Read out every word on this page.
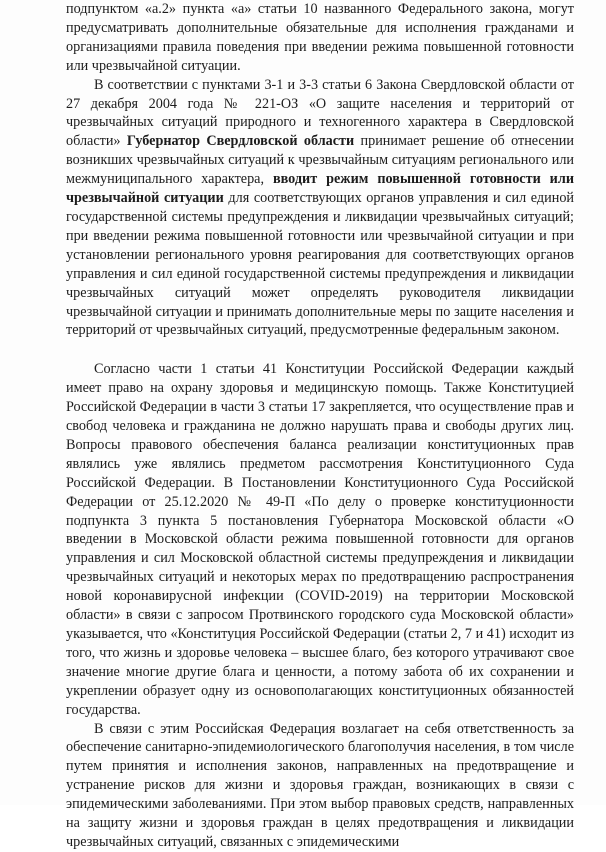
подпунктом «а.2» пункта «а» статьи 10 названного Федерального закона, могут предусматривать дополнительные обязательные для исполнения гражданами и организациями правила поведения при введении режима повышенной готовности или чрезвычайной ситуации.

В соответствии с пунктами 3-1 и 3-3 статьи 6 Закона Свердловской области от 27 декабря 2004 года № 221-ОЗ «О защите населения и территорий от чрезвычайных ситуаций природного и техногенного характера в Свердловской области» Губернатор Свердловской области принимает решение об отнесении возникших чрезвычайных ситуаций к чрезвычайным ситуациям регионального или межмуниципального характера, вводит режим повышенной готовности или чрезвычайной ситуации для соответствующих органов управления и сил единой государственной системы предупреждения и ликвидации чрезвычайных ситуаций; при введении режима повышенной готовности или чрезвычайной ситуации и при установлении регионального уровня реагирования для соответствующих органов управления и сил единой государственной системы предупреждения и ликвидации чрезвычайных ситуаций может определять руководителя ликвидации чрезвычайной ситуации и принимать дополнительные меры по защите населения и территорий от чрезвычайных ситуаций, предусмотренные федеральным законом.

Согласно части 1 статьи 41 Конституции Российской Федерации каждый имеет право на охрану здоровья и медицинскую помощь. Также Конституцией Российской Федерации в части 3 статьи 17 закрепляется, что осуществление прав и свобод человека и гражданина не должно нарушать права и свободы других лиц. Вопросы правового обеспечения баланса реализации конституционных прав являлись уже являлись предметом рассмотрения Конституционного Суда Российской Федерации. В Постановлении Конституционного Суда Российской Федерации от 25.12.2020 № 49-П «По делу о проверке конституционности подпункта 3 пункта 5 постановления Губернатора Московской области «О введении в Московской области режима повышенной готовности для органов управления и сил Московской областной системы предупреждения и ликвидации чрезвычайных ситуаций и некоторых мерах по предотвращению распространения новой коронавирусной инфекции (COVID-2019) на территории Московской области» в связи с запросом Протвинского городского суда Московской области» указывается, что «Конституция Российской Федерации (статьи 2, 7 и 41) исходит из того, что жизнь и здоровье человека – высшее благо, без которого утрачивают свое значение многие другие блага и ценности, а потому забота об их сохранении и укреплении образует одну из основополагающих конституционных обязанностей государства.

В связи с этим Российская Федерация возлагает на себя ответственность за обеспечение санитарно-эпидемиологического благополучия населения, в том числе путем принятия и исполнения законов, направленных на предотвращение и устранение рисков для жизни и здоровья граждан, возникающих в связи с эпидемическими заболеваниями. При этом выбор правовых средств, направленных на защиту жизни и здоровья граждан в целях предотвращения и ликвидации чрезвычайных ситуаций, связанных с эпидемическими
